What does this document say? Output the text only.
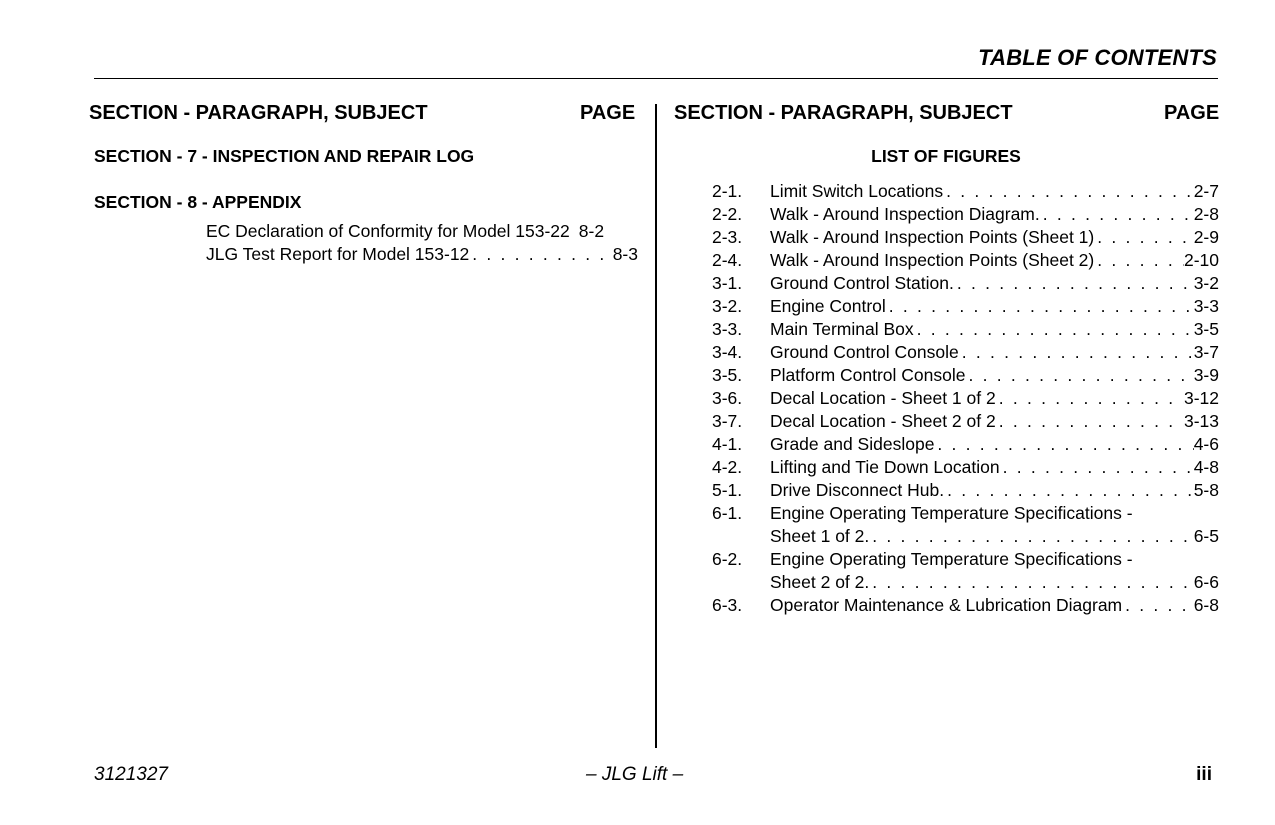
TABLE OF CONTENTS
SECTION - PARAGRAPH, SUBJECT	PAGE SECTION - PARAGRAPH, SUBJECT	PAGE
SECTION - 7 - INSPECTION AND REPAIR LOG
SECTION - 8 - APPENDIX
EC Declaration of Conformity for Model 153-22 8-2
JLG Test Report for Model 153-12 . . .	8-3
LIST OF FIGURES
2-1. Limit Switch Locations . . .	2-7
2-2. Walk - Around Inspection Diagram. . . .	2-8
2-3. Walk - Around Inspection Points (Sheet 1) . . .	2-9
2-4. Walk - Around Inspection Points (Sheet 2) . . .	2-10
3-1. Ground Control Station. . . .	3-2
3-2. Engine Control . . .	3-3
3-3. Main Terminal Box . . .	3-5
3-4. Ground Control Console . . .	3-7
3-5. Platform Control Console . . .	3-9
3-6. Decal Location - Sheet 1 of 2 . . .	3-12
3-7. Decal Location - Sheet 2 of 2 . . .	3-13
4-1. Grade and Sideslope . . .	4-6
4-2. Lifting and Tie Down Location . . .	4-8
5-1. Drive Disconnect Hub. . . .	5-8
6-1. Engine Operating Temperature Specifications -
Sheet 1 of 2. . . .	6-5
6-2. Engine Operating Temperature Specifications -
Sheet 2 of 2. . . .	6-6
6-3. Operator Maintenance & Lubrication Diagram . . .	6-8
3121327	– JLG Lift –	iii
